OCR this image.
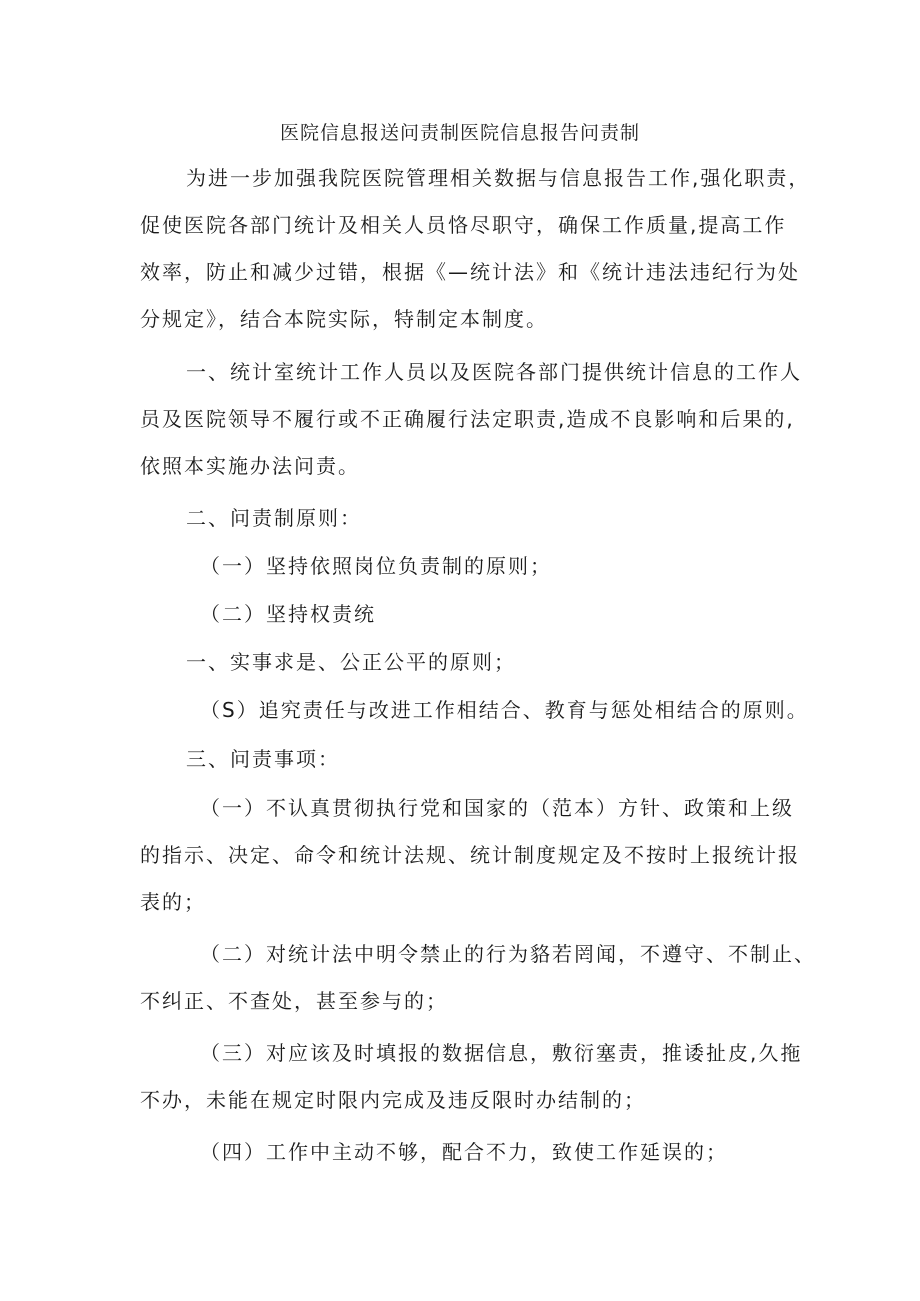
医院信息报送问责制医院信息报告问责制
为进一步加强我院医院管理相关数据与信息报告工作,强化职责，
促使医院各部门统计及相关人员恪尽职守，确保工作质量,提高工作
效率，防止和减少过错，根据《—统计法》和《统计违法违纪行为处
分规定》，结合本院实际，特制定本制度。
一、统计室统计工作人员以及医院各部门提供统计信息的工作人
员及医院领导不履行或不正确履行法定职责,造成不良影响和后果的,
依照本实施办法问责。
二、问责制原则：
（一）坚持依照岗位负责制的原则；
（二）坚持权责统
一、实事求是、公正公平的原则；
（S）追究责任与改进工作相结合、教育与惩处相结合的原则。
三、问责事项：
（一）不认真贯彻执行党和国家的（范本）方针、政策和上级
的指示、决定、命令和统计法规、统计制度规定及不按时上报统计报
表的；
（二）对统计法中明令禁止的行为貉若罔闻，不遵守、不制止、
不纠正、不查处，甚至参与的；
（三）对应该及时填报的数据信息，敷衍塞责，推诿扯皮,久拖
不办，未能在规定时限内完成及违反限时办结制的；
（四）工作中主动不够，配合不力，致使工作延误的；
